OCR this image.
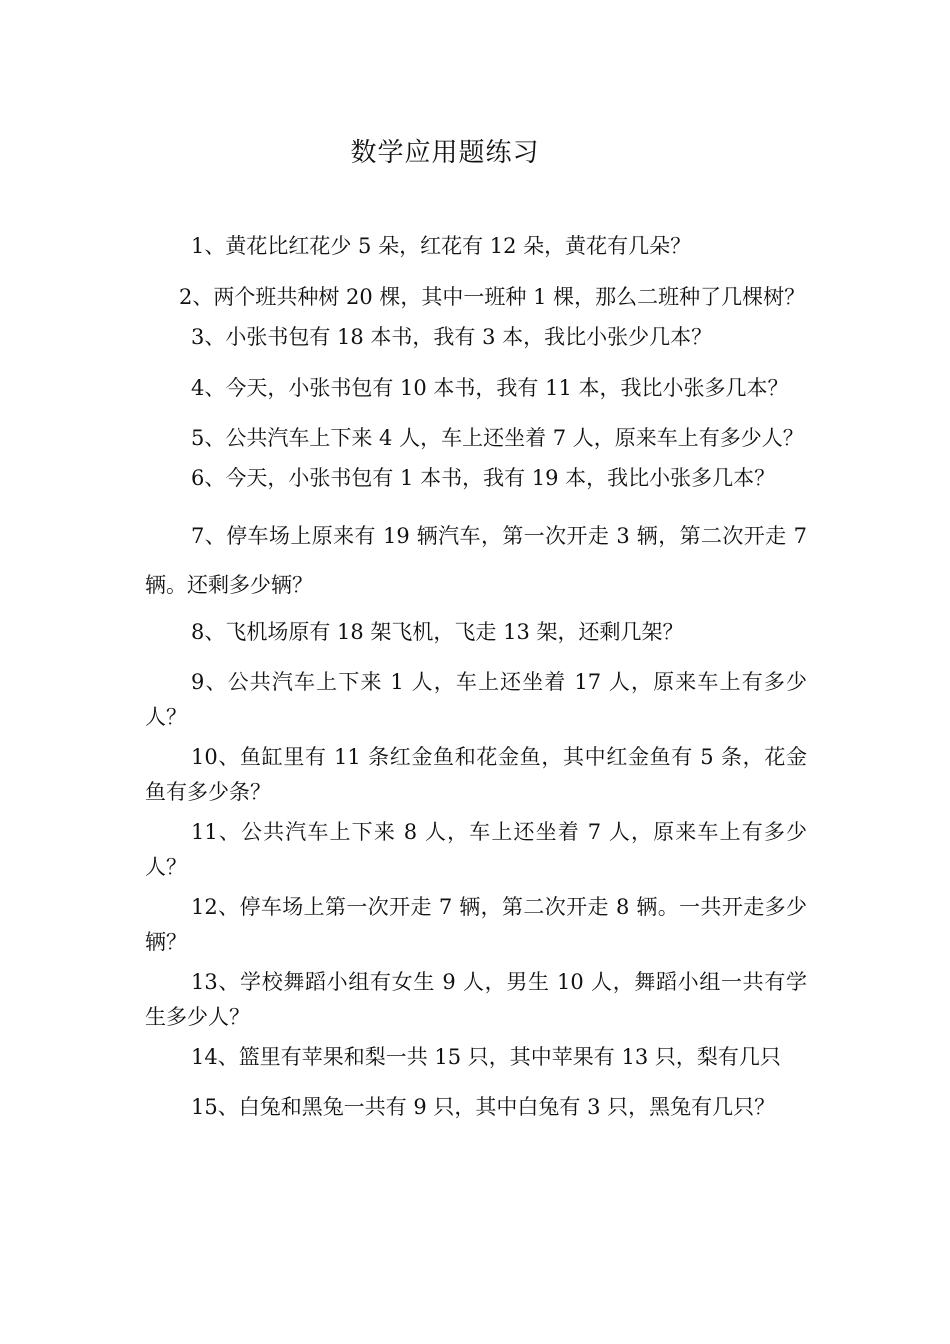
数学应用题练习

1、黄花比红花少 5 朵，红花有 12 朵，黄花有几朵？

2、两个班共种树 20 棵，其中一班种 1 棵，那么二班种了几棵树？

3、小张书包有 18 本书，我有 3 本，我比小张少几本？

4、今天，小张书包有 10 本书，我有 11 本，我比小张多几本？

5、公共汽车上下来 4 人，车上还坐着 7 人，原来车上有多少人？

6、今天，小张书包有 1 本书，我有 19 本，我比小张多几本？

7、停车场上原来有 19 辆汽车，第一次开走 3 辆，第二次开走 7 辆。还剩多少辆？

8、飞机场原有 18 架飞机，飞走 13 架，还剩几架？

9、公共汽车上下来 1 人，车上还坐着 17 人，原来车上有多少人？

10、鱼缸里有 11 条红金鱼和花金鱼，其中红金鱼有 5 条，花金鱼有多少条？

11、公共汽车上下来 8 人，车上还坐着 7 人，原来车上有多少人？

12、停车场上第一次开走 7 辆，第二次开走 8 辆。一共开走多少辆？

13、学校舞蹈小组有女生 9 人，男生 10 人，舞蹈小组一共有学生多少人？

14、篮里有苹果和梨一共 15 只，其中苹果有 13 只，梨有几只

15、白兔和黑兔一共有 9 只，其中白兔有 3 只，黑兔有几只？
